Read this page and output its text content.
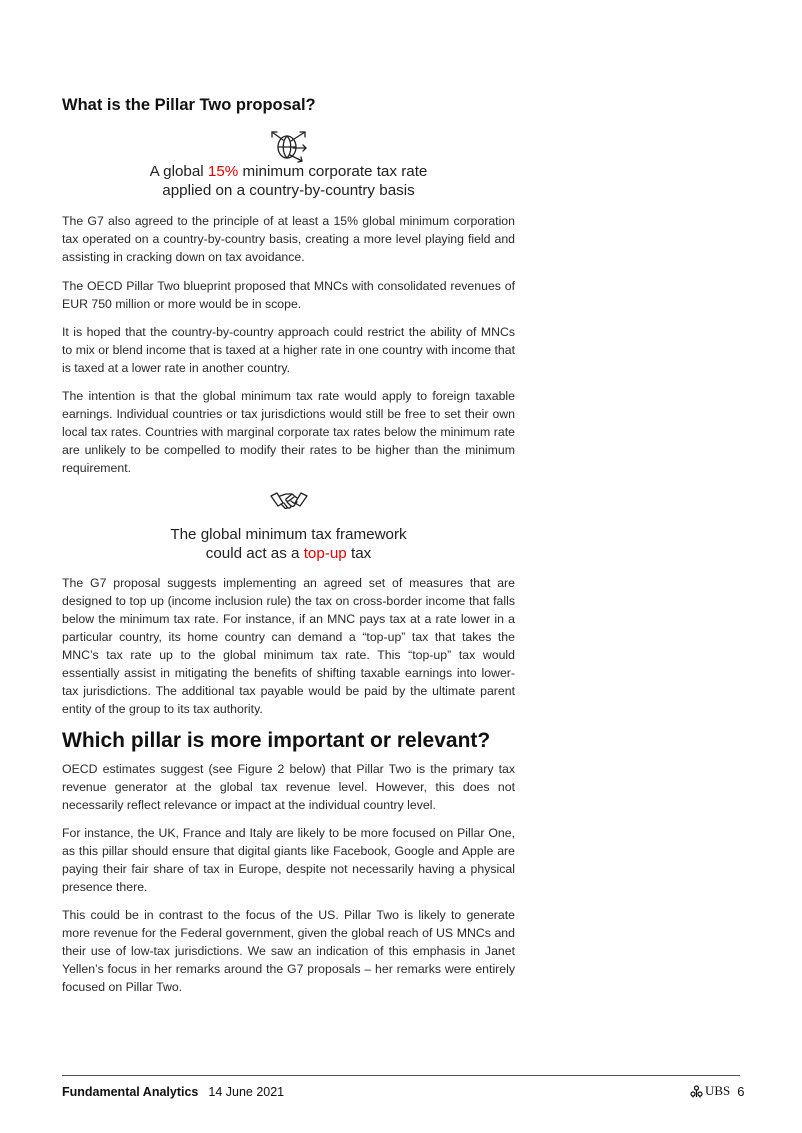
What is the Pillar Two proposal?
A global 15% minimum corporate tax rate
applied on a country-by-country basis

The G7 also agreed to the principle of at least a 15% global minimum corporation tax operated on a country-by-country basis, creating a more level playing field and assisting in cracking down on tax avoidance.

The OECD Pillar Two blueprint proposed that MNCs with consolidated revenues of EUR 750 million or more would be in scope.

It is hoped that the country-by-country approach could restrict the ability of MNCs to mix or blend income that is taxed at a higher rate in one country with income that is taxed at a lower rate in another country.

The intention is that the global minimum tax rate would apply to foreign taxable earnings. Individual countries or tax jurisdictions would still be free to set their own local tax rates. Countries with marginal corporate tax rates below the minimum rate are unlikely to be compelled to modify their rates to be higher than the minimum requirement.

The global minimum tax framework
could act as a top-up tax

The G7 proposal suggests implementing an agreed set of measures that are designed to top up (income inclusion rule) the tax on cross-border income that falls below the minimum tax rate. For instance, if an MNC pays tax at a rate lower in a particular country, its home country can demand a “top-up” tax that takes the MNC’s tax rate up to the global minimum tax rate. This “top-up” tax would essentially assist in mitigating the benefits of shifting taxable earnings into lower-tax jurisdictions. The additional tax payable would be paid by the ultimate parent entity of the group to its tax authority.

Which pillar is more important or relevant?

OECD estimates suggest (see Figure 2 below) that Pillar Two is the primary tax revenue generator at the global tax revenue level. However, this does not necessarily reflect relevance or impact at the individual country level.

For instance, the UK, France and Italy are likely to be more focused on Pillar One, as this pillar should ensure that digital giants like Facebook, Google and Apple are paying their fair share of tax in Europe, despite not necessarily having a physical presence there.

This could be in contrast to the focus of the US. Pillar Two is likely to generate more revenue for the Federal government, given the global reach of US MNCs and their use of low-tax jurisdictions. We saw an indication of this emphasis in Janet Yellen’s focus in her remarks around the G7 proposals – her remarks were entirely focused on Pillar Two.

Fundamental Analytics 14 June 2021	UBS 6
